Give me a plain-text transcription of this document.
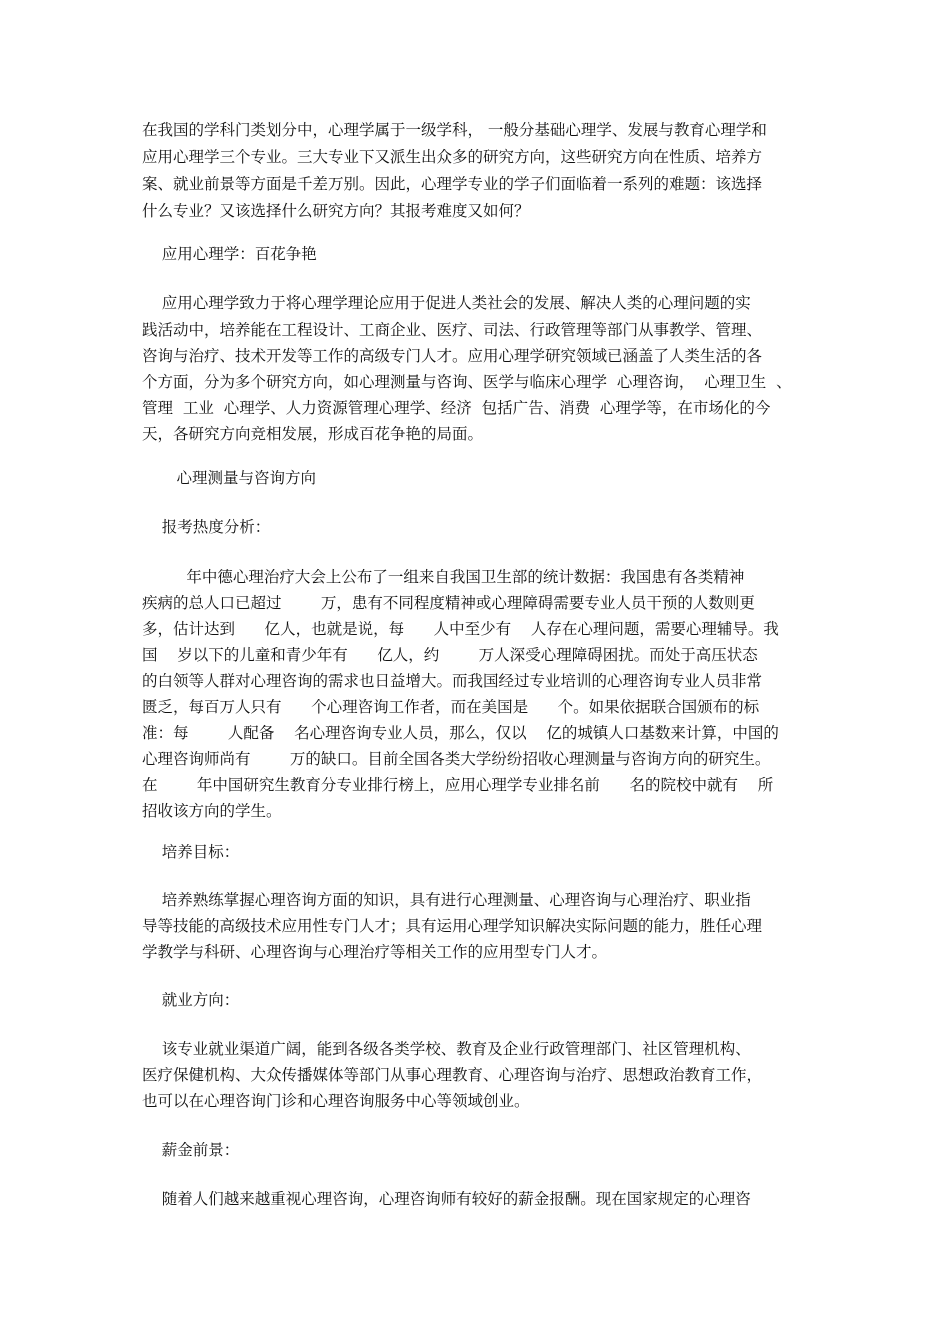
在我国的学科门类划分中，心理学属于一级学科， 一般分基础心理学、发展与教育心理学和
应用心理学三个专业。三大专业下又派生出众多的研究方向，这些研究方向在性质、培养方
案、就业前景等方面是千差万别。因此，心理学专业的学子们面临着一系列的难题：该选择
什么专业？又该选择什么研究方向？其报考难度又如何？
应用心理学：百花争艳
应用心理学致力于将心理学理论应用于促进人类社会的发展、解决人类的心理问题的实
践活动中，培养能在工程设计、工商企业、医疗、司法、行政管理等部门从事教学、管理、
咨询与治疗、技术开发等工作的高级专门人才。应用心理学研究领域已涵盖了人类生活的各
个方面，分为多个研究方向，如心理测量与咨询、医学与临床心理学  心理咨询，  心理卫生  、
管理  工业  心理学、人力资源管理心理学、经济  包括广告、消费  心理学等，在市场化的今
天，各研究方向竞相发展，形成百花争艳的局面。
心理测量与咨询方向
报考热度分析：
年中德心理治疗大会上公布了一组来自我国卫生部的统计数据：我国患有各类精神
疾病的总人口已超过        万，患有不同程度精神或心理障碍需要专业人员干预的人数则更
多，估计达到      亿人，也就是说，每      人中至少有    人存在心理问题，需要心理辅导。我
国    岁以下的儿童和青少年有      亿人，约        万人深受心理障碍困扰。而处于高压状态
的白领等人群对心理咨询的需求也日益增大。而我国经过专业培训的心理咨询专业人员非常
匮乏，每百万人只有      个心理咨询工作者，而在美国是      个。如果依据联合国颁布的标
准：每        人配备    名心理咨询专业人员，那么，仅以    亿的城镇人口基数来计算，中国的
心理咨询师尚有        万的缺口。目前全国各类大学纷纷招收心理测量与咨询方向的研究生。
在        年中国研究生教育分专业排行榜上，应用心理学专业排名前      名的院校中就有    所
招收该方向的学生。
培养目标：
培养熟练掌握心理咨询方面的知识，具有进行心理测量、心理咨询与心理治疗、职业指
导等技能的高级技术应用性专门人才；具有运用心理学知识解决实际问题的能力，胜任心理
学教学与科研、心理咨询与心理治疗等相关工作的应用型专门人才。
就业方向：
该专业就业渠道广阔，能到各级各类学校、教育及企业行政管理部门、社区管理机构、
医疗保健机构、大众传播媒体等部门从事心理教育、心理咨询与治疗、思想政治教育工作，
也可以在心理咨询门诊和心理咨询服务中心等领域创业。
薪金前景：
随着人们越来越重视心理咨询，心理咨询师有较好的薪金报酬。现在国家规定的心理咨
